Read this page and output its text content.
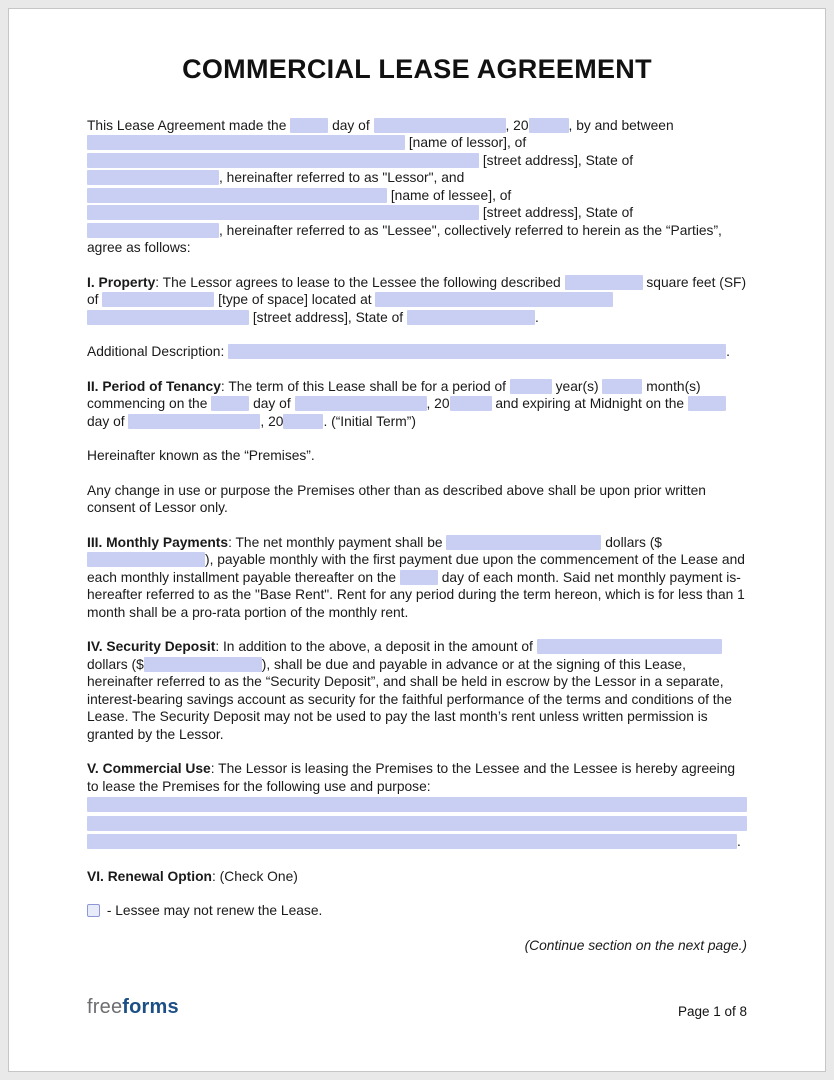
COMMERCIAL LEASE AGREEMENT

This Lease Agreement made the	day of	, 20	, by and between  [name of lessor], of  [street address], State of , hereinafter referred to as "Lessor", and  [name of lessee], of  [street address], State of , hereinafter referred to as "Lessee", collectively referred to herein as the “Parties”, agree as follows:

I. Property: The Lessor agrees to lease to the Lessee the following described	square feet (SF) of	[type of space] located at   [street address], State of	.

Additional Description:	.

II. Period of Tenancy: The term of this Lease shall be for a period of	year(s)	month(s) commencing on the	day of	, 20	and expiring at Midnight on the	day of	, 20	. (“Initial Term”)

Hereinafter known as the “Premises”.

Any change in use or purpose the Premises other than as described above shall be upon prior written consent of Lessor only.

III. Monthly Payments: The net monthly payment shall be	dollars ($), payable monthly with the first payment due upon the commencement of the Lease and each monthly installment payable thereafter on the	day of each month. Said net monthly payment is-hereafter referred to as the "Base Rent". Rent for any period during the term hereon, which is for less than 1 month shall be a pro-rata portion of the monthly rent.

IV. Security Deposit: In addition to the above, a deposit in the amount of	dollars ($	), shall be due and payable in advance or at the signing of this Lease, hereinafter referred to as the “Security Deposit”, and shall be held in escrow by the Lessor in a separate, interest-bearing savings account as security for the faithful performance of the terms and conditions of the Lease. The Security Deposit may not be used to pay the last month’s rent unless written permission is granted by the Lessor.

V. Commercial Use: The Lessor is leasing the Premises to the Lessee and the Lessee is hereby agreeing to lease the Premises for the following use and purpose:.

VI. Renewal Option: (Check One)

- Lessee may not renew the Lease.

(Continue section on the next page.)

freeforms	Page 1 of 8
